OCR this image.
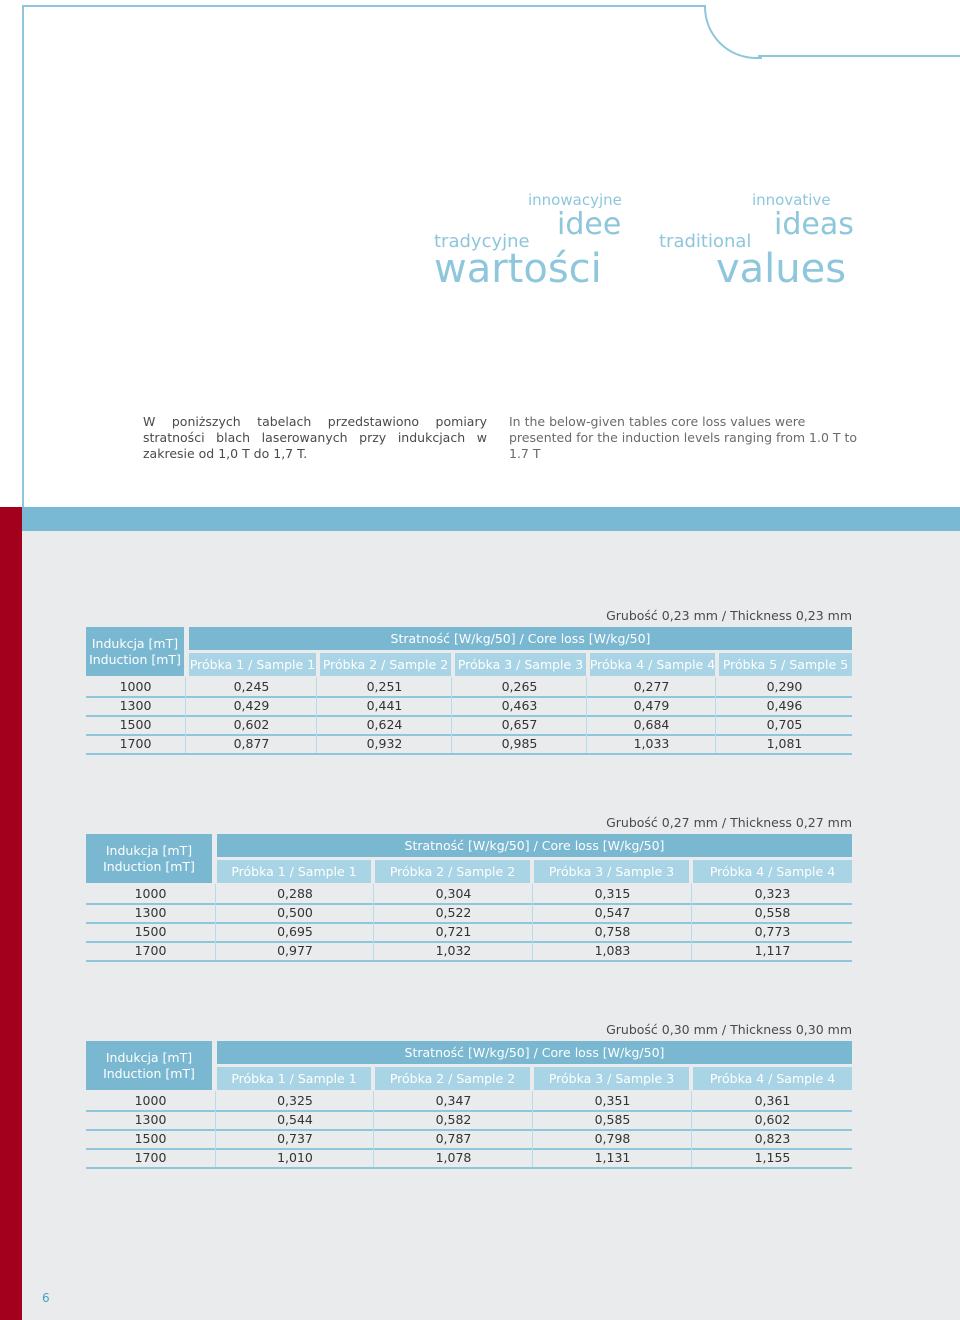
innowacyjne
idee
tradycyjne
wartości
innovative
ideas
traditional
values

W poniższych tabelach przedstawiono pomiary stratności blach laserowanych przy indukcjach w zakresie od 1,0 T do 1,7 T.

In the below-given tables core loss values were presented for the induction levels ranging from 1.0 T to 1.7 T

Grubość 0,23 mm / Thickness 0,23 mm
Indukcja [mT]
Induction [mT]
Stratność [W/kg/50] / Core loss [W/kg/50]
Próbka 1 / Sample 1 Próbka 2 / Sample 2 Próbka 3 / Sample 3 Próbka 4 / Sample 4 Próbka 5 / Sample 5
1000	0,245	0,251	0,265	0,277	0,290
1300	0,429	0,441	0,463	0,479	0,496
1500	0,602	0,624	0,657	0,684	0,705
1700	0,877	0,932	0,985	1,033	1,081
Grubość 0,27 mm / Thickness 0,27 mm
Indukcja [mT]
Induction [mT]
Stratność [W/kg/50] / Core loss [W/kg/50]
Próbka 1 / Sample 1	Próbka 2 / Sample 2	Próbka 3 / Sample 3	Próbka 4 / Sample 4
1000	0,288	0,304	0,315	0,323
1300	0,500	0,522	0,547	0,558
1500	0,695	0,721	0,758	0,773
1700	0,977	1,032	1,083	1,117
Grubość 0,30 mm / Thickness 0,30 mm
Indukcja [mT]
Induction [mT]
Stratność [W/kg/50] / Core loss [W/kg/50]
Próbka 1 / Sample 1	Próbka 2 / Sample 2	Próbka 3 / Sample 3	Próbka 4 / Sample 4
1000	0,325	0,347	0,351	0,361
1300	0,544	0,582	0,585	0,602
1500	0,737	0,787	0,798	0,823
1700	1,010	1,078	1,131	1,155
6
